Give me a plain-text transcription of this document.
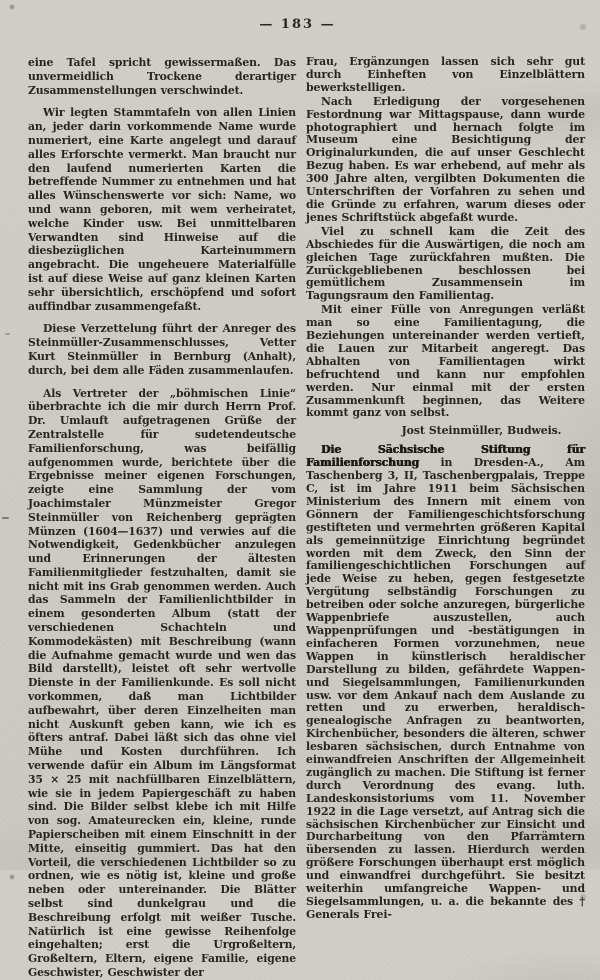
— 183 —

eine Tafel spricht gewissermaßen. Das unvermeidlich Trockene derartiger Zusammenstellungen verschwindet.

Wir legten Stammtafeln von allen Linien an, jeder darin vorkommende Name wurde numeriert, eine Karte angelegt und darauf alles Erforschte vermerkt. Man braucht nur den laufend numerierten Karten die betreffende Nummer zu entnehmen und hat alles Wünschenswerte vor sich: Name, wo und wann geboren, mit wem verheiratet, welche Kinder usw. Bei unmittelbaren Verwandten sind Hinweise auf die diesbezüglichen Karteinummern angebracht. Die ungeheuere Materialfülle ist auf diese Weise auf ganz kleinen Karten sehr übersichtlich, erschöpfend und sofort auffindbar zusammengefaßt.

Diese Verzettelung führt der Anreger des Steinmüller-Zusammenschlusses, Vetter Kurt Steinmüller in Bernburg (Anhalt), durch, bei dem alle Fäden zusammenlaufen.

Als Vertreter der „böhmischen Linie“ überbrachte ich die mir durch Herrn Prof. Dr. Umlauft aufgetragenen Grüße der Zentralstelle für sudetendeutsche Familienforschung, was beifällig aufgenommen wurde, berichtete über die Ergebnisse meiner eigenen Forschungen, zeigte eine Sammlung der vom Joachimstaler Münzmeister Gregor Steinmüller von Reichenberg geprägten Münzen (1604—1637) und verwies auf die Notwendigkeit, Gedenkbücher anzulegen und Erinnerungen der ältesten Familienmitglieder festzuhalten, damit sie nicht mit ins Grab genommen werden. Auch das Sammeln der Familienlichtbilder in einem gesonderten Album (statt der verschiedenen Schachteln und Kommodekästen) mit Beschreibung (wann die Aufnahme gemacht wurde und wen das Bild darstellt), leistet oft sehr wertvolle Dienste in der Familienkunde. Es soll nicht vorkommen, daß man Lichtbilder aufbewahrt, über deren Einzelheiten man nicht Auskunft geben kann, wie ich es öfters antraf. Dabei läßt sich das ohne viel Mühe und Kosten durchführen. Ich verwende dafür ein Album im Längsformat 35 × 25 mit nachfüllbaren Einzelblättern, wie sie in jedem Papiergeschäft zu haben sind. Die Bilder selbst klebe ich mit Hilfe von sog. Amateurecken ein, kleine, runde Papierscheiben mit einem Einschnitt in der Mitte, einseitig gummiert. Das hat den Vorteil, die verschiedenen Lichtbilder so zu ordnen, wie es nötig ist, kleine und große neben oder untereinander. Die Blätter selbst sind dunkelgrau und die Beschreibung erfolgt mit weißer Tusche. Natürlich ist eine gewisse Reihenfolge eingehalten; erst die Urgroßeltern, Großeltern, Eltern, eigene Familie, eigene Geschwister, Geschwister der

Frau, Ergänzungen lassen sich sehr gut durch Einheften von Einzelblättern bewerkstelligen.

Nach Erledigung der vorgesehenen Festordnung war Mittagspause, dann wurde photographiert und hernach folgte im Museum eine Besichtigung der Originalurkunden, die auf unser Geschlecht Bezug haben. Es war erhebend, auf mehr als 300 Jahre alten, vergilbten Dokumenten die Unterschriften der Vorfahren zu sehen und die Gründe zu erfahren, warum dieses oder jenes Schriftstück abgefaßt wurde.

Viel zu schnell kam die Zeit des Abschiedes für die Auswärtigen, die noch am gleichen Tage zurückfahren mußten. Die Zurückgebliebenen beschlossen bei gemütlichem Zusammensein im Tagungsraum den Familientag.

Mit einer Fülle von Anregungen verläßt man so eine Familientagung, die Beziehungen untereinander werden vertieft, die Lauen zur Mitarbeit angeregt. Das Abhalten von Familientagen wirkt befruchtend und kann nur empfohlen werden. Nur einmal mit der ersten Zusammenkunft beginnen, das Weitere kommt ganz von selbst.

Jost Steinmüller, Budweis.

Die Sächsische Stiftung für Familienforschung in Dresden-A., Am Taschenberg 3, II, Taschenbergpalais, Treppe C, ist im Jahre 1911 beim Sächsischen Ministerium des Innern mit einem von Gönnern der Familiengeschichtsforschung gestifteten und vermehrten größeren Kapital als gemeinnützige Einrichtung begründet worden mit dem Zweck, den Sinn der familiengeschichtlichen Forschungen auf jede Weise zu heben, gegen festgesetzte Vergütung selbständig Forschungen zu betreiben oder solche anzuregen, bürgerliche Wappenbriefe auszustellen, auch Wappenprüfungen und -bestätigungen in einfacheren Formen vorzunehmen, neue Wappen in künstlerisch heraldischer Darstellung zu bilden, gefährdete Wappen- und Siegelsammlungen, Familienurkunden usw. vor dem Ankauf nach dem Auslande zu retten und zu erwerben, heraldisch-genealogische Anfragen zu beantworten, Kirchenbücher, besonders die älteren, schwer lesbaren sächsischen, durch Entnahme von einwandfreien Anschriften der Allgemeinheit zugänglich zu machen. Die Stiftung ist ferner durch Verordnung des evang. luth. Landeskonsistoriums vom 11. November 1922 in die Lage versetzt, auf Antrag sich die sächsischen Kirchenbücher zur Einsicht und Durcharbeitung von den Pfarrämtern übersenden zu lassen. Hierdurch werden größere Forschungen überhaupt erst möglich und einwandfrei durchgeführt. Sie besitzt weiterhin umfangreiche Wappen- und Siegelsammlungen, u. a. die bekannte des † Generals Frei-
